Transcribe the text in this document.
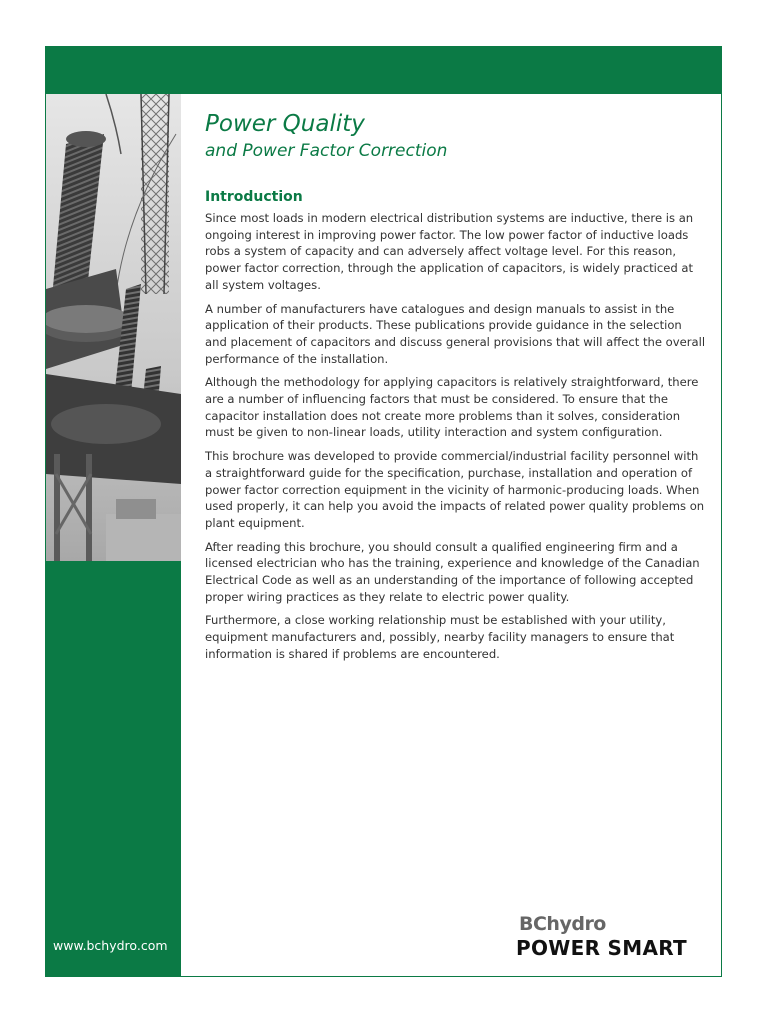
www.bchydro.com
Power Quality
and Power Factor Correction
Introduction

Since most loads in modern electrical distribution systems are inductive, there is an ongoing interest in improving power factor. The low power factor of inductive loads robs a system of capacity and can adversely affect voltage level. For this reason, power factor correction, through the application of capacitors, is widely practiced at all system voltages.

A number of manufacturers have catalogues and design manuals to assist in the application of their products. These publications provide guidance in the selection and placement of capacitors and discuss general provisions that will affect the overall performance of the installation.

Although the methodology for applying capacitors is relatively straightforward, there are a number of influencing factors that must be considered. To ensure that the capacitor installation does not create more problems than it solves, consideration must be given to non-linear loads, utility interaction and system configuration.

This brochure was developed to provide commercial/industrial facility personnel with a straightforward guide for the specification, purchase, installation and operation of power factor correction equipment in the vicinity of harmonic-producing loads. When used properly, it can help you avoid the impacts of related power quality problems on plant equipment.

After reading this brochure, you should consult a qualified engineering firm and a licensed electrician who has the training, experience and knowledge of the Canadian Electrical Code as well as an understanding of the importance of following accepted proper wiring practices as they relate to electric power quality.

Furthermore, a close working relationship must be established with your utility, equipment manufacturers and, possibly, nearby facility managers to ensure that information is shared if problems are encountered.

BChydro
POWER SMART
